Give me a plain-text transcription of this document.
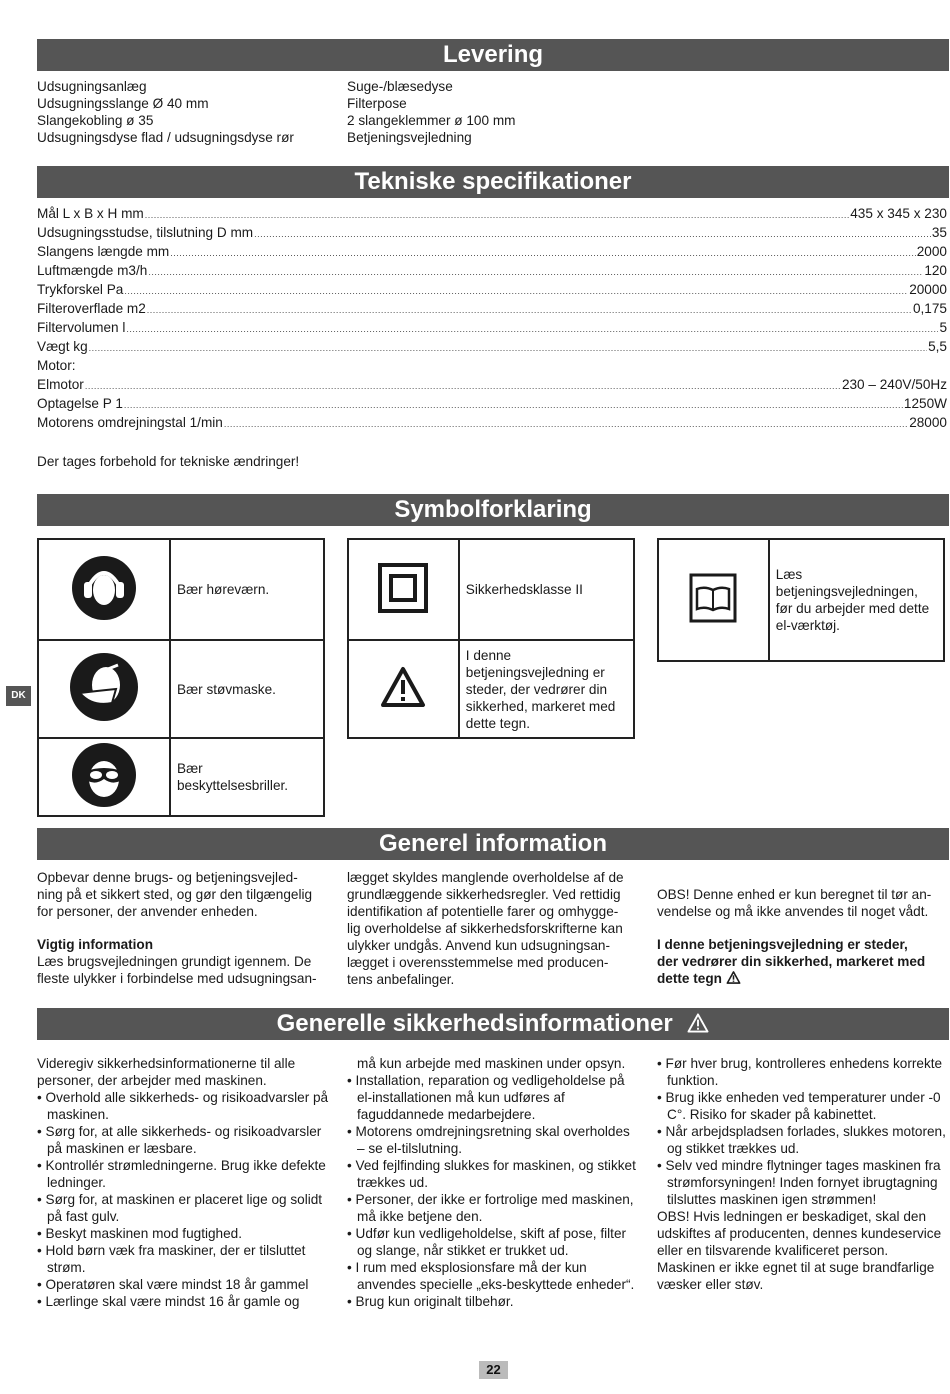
Levering
Udsugningsanlæg
Udsugningsslange Ø 40 mm
Slangekobling ø 35
Udsugningsdyse flad / udsugningsdyse rør
Suge-/blæsedyse
Filterpose
2 slangeklemmer ø 100 mm
Betjeningsvejledning
Tekniske specifikationer
Mål L x B x H mm .....	435 x 345 x 230
Udsugningsstudse, tilslutning D mm .....	35
Slangens længde mm .....	2000
Luftmængde m3/h .....	120
Trykforskel Pa .....	20000
Filteroverflade m2 .....	0,175
Filtervolumen l .....	5
Vægt kg .....	5,5
Motor:
Elmotor .....	230 – 240V/50Hz
Optagelse P 1 .....	1250W
Motorens omdrejningstal 1/min .....	28000
Der tages forbehold for tekniske ændringer!
Symbolforklaring
	Bær høreværn.
	Bær støvmaske.
	Bær beskyttelsesbriller.
	Sikkerhedsklasse II
	I denne betjeningsvejledning er steder, der vedrører din sikkerhed, markeret med dette tegn.
	Læs betjeningsvejledningen, før du arbejder med dette el-værktøj.
Generel information

Opbevar denne brugs- og betjeningsvejled-

ning på et sikkert sted, og gør den tilgængelig

for personer, der anvender enheden.

Vigtig information

Læs brugsvejledningen grundigt igennem. De

fleste ulykker i forbindelse med udsugningsan-

lægget skyldes manglende overholdelse af de

grundlæggende sikkerhedsregler. Ved rettidig

identifikation af potentielle farer og omhygge-

lig overholdelse af sikkerhedsforskrifterne kan

ulykker undgås. Anvend kun udsugningsan-

lægget i overensstemmelse med producen-

tens anbefalinger.

OBS! Denne enhed er kun beregnet til tør an-

vendelse og må ikke anvendes til noget vådt.

I denne betjeningsvejledning er steder,

der vedrører din sikkerhed, markeret med

dette tegn

Generelle sikkerhedsinformationer

Videregiv sikkerhedsinformationerne til alle personer, der arbejder med maskinen.

• Overhold alle sikkerheds- og risikoadvarsler på maskinen.

• Sørg for, at alle sikkerheds- og risikoadvarsler på maskinen er læsbare.

• Kontrollér strømledningerne. Brug ikke defekte ledninger.

• Sørg for, at maskinen er placeret lige og solidt på fast gulv.

• Beskyt maskinen mod fugtighed.

• Hold børn væk fra maskiner, der er tilsluttet strøm.

• Operatøren skal være mindst 18 år gammel

• Lærlinge skal være mindst 16 år gamle og

må kun arbejde med maskinen under opsyn.

• Installation, reparation og vedligeholdelse på el-installationen må kun udføres af faguddannede medarbejdere.

• Motorens omdrejningsretning skal overholdes – se el-tilslutning.

• Ved fejlfinding slukkes for maskinen, og stikket trækkes ud.

• Personer, der ikke er fortrolige med maskinen, må ikke betjene den.

• Udfør kun vedligeholdelse, skift af pose, filter og slange, når stikket er trukket ud.

• I rum med eksplosionsfare må der kun anvendes specielle „eks-beskyttede enheder“.

• Brug kun originalt tilbehør.

• Før hver brug, kontrolleres enhedens korrekte funktion.

• Brug ikke enheden ved temperaturer under -0 C°. Risiko for skader på kabinettet.

• Når arbejdspladsen forlades, slukkes motoren, og stikket trækkes ud.

• Selv ved mindre flytninger tages maskinen fra strømforsyningen! Inden fornyet ibrugtagning tilsluttes maskinen igen strømmen!

OBS! Hvis ledningen er beskadiget, skal den udskiftes af producenten, dennes kundeservice eller en tilsvarende kvalificeret person. Maskinen er ikke egnet til at suge brandfarlige væsker eller støv.

DK
22
